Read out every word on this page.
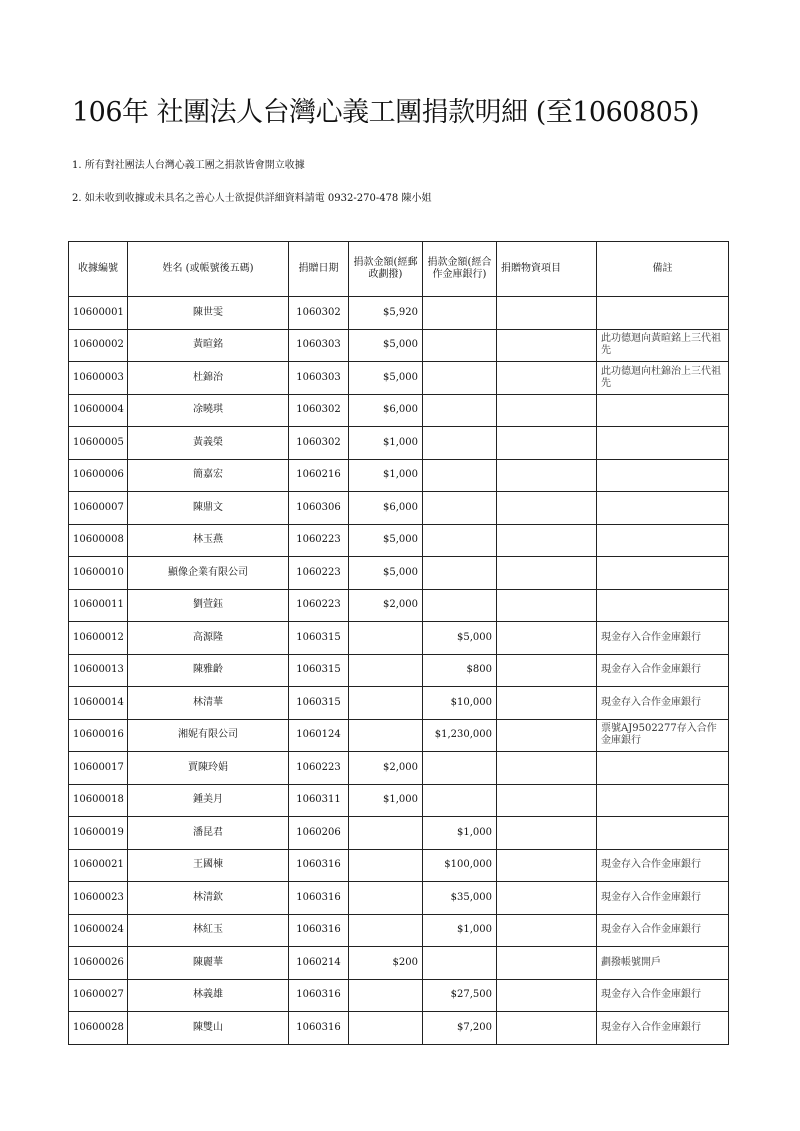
106年 社團法人台灣心義工團捐款明細 (至1060805)
1. 所有對社團法人台灣心義工團之捐款皆會開立收據
2. 如未收到收據或未具名之善心人士欲提供詳細資料請電 0932-270-478 陳小姐
收據編號	姓名 (或帳號後五碼)	捐贈日期	捐款金額(經郵政劃撥)	捐款金額(經合作金庫銀行)	捐贈物資項目	備註
10600001	陳世雯	1060302	$5,920			
10600002	黃暄銘	1060303	$5,000			此功德迴向黃暄銘上三代祖先
10600003	杜錦治	1060303	$5,000			此功德迴向杜錦治上三代祖先
10600004	凃曉琪	1060302	$6,000			
10600005	黃義榮	1060302	$1,000			
10600006	簡嘉宏	1060216	$1,000			
10600007	陳鼎文	1060306	$6,000			
10600008	林玉燕	1060223	$5,000			
10600010	顯像企業有限公司	1060223	$5,000			
10600011	劉萱鈺	1060223	$2,000			
10600012	高源隆	1060315		$5,000		現金存入合作金庫銀行
10600013	陳雅齡	1060315		$800		現金存入合作金庫銀行
10600014	林清華	1060315		$10,000		現金存入合作金庫銀行
10600016	湘妮有限公司	1060124		$1,230,000		票號AJ9502277存入合作金庫銀行
10600017	賈陳玲娟	1060223	$2,000			
10600018	鍾美月	1060311	$1,000			
10600019	潘昆君	1060206		$1,000		
10600021	王國棟	1060316		$100,000		現金存入合作金庫銀行
10600023	林清欽	1060316		$35,000		現金存入合作金庫銀行
10600024	林紅玉	1060316		$1,000		現金存入合作金庫銀行
10600026	陳麗華	1060214	$200			劃撥帳號開戶
10600027	林義雄	1060316		$27,500		現金存入合作金庫銀行
10600028	陳雙山	1060316		$7,200		現金存入合作金庫銀行
